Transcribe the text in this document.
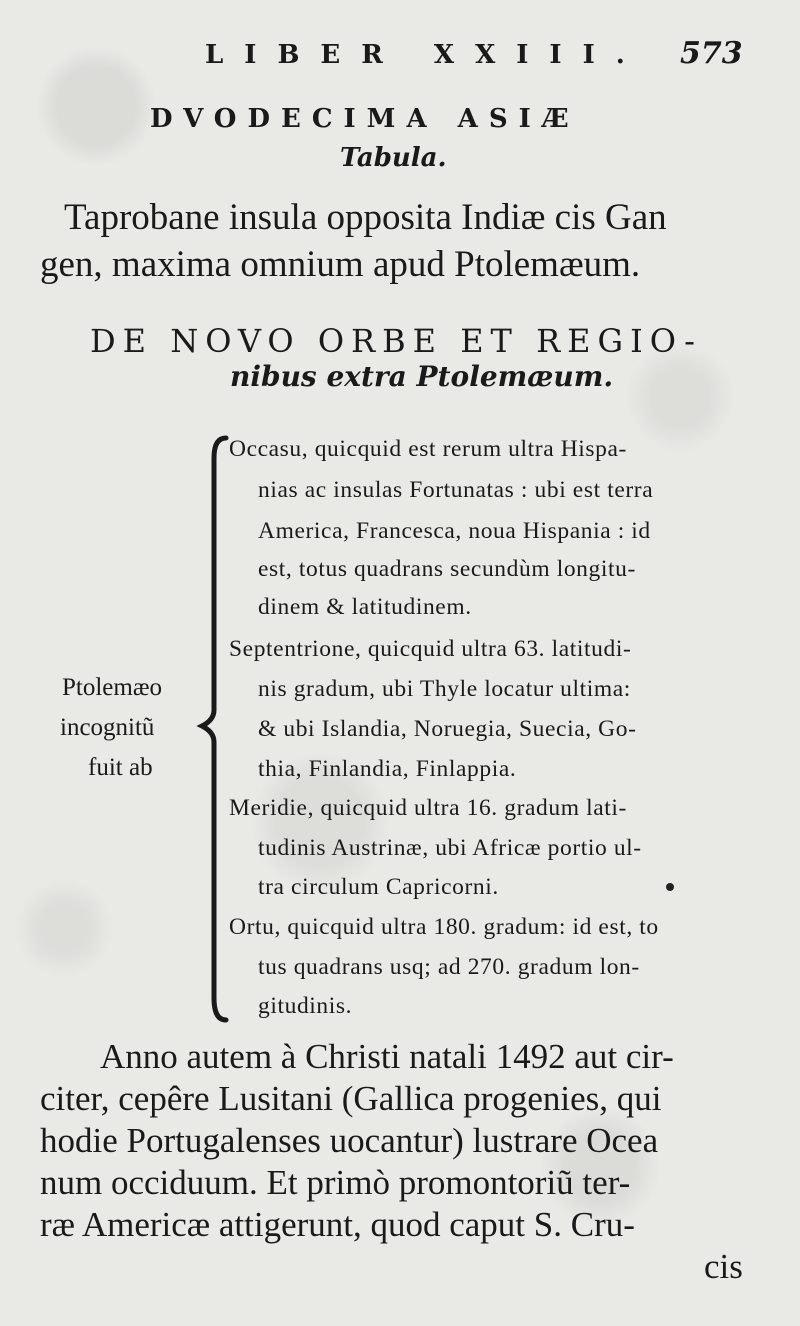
LIBER XXIII. 573
DVODECIMA ASIÆ
Tabula.
Taprobane insula opposita Indiæ cis Gan
gen, maxima omnium apud Ptolemæum.
DE NOVO ORBE ET REGIO-
nibus extra Ptolemæum.
Ptolemæo
incognitũ
fuit ab
Occasu, quicquid est rerum ultra Hispa-
nias ac insulas Fortunatas : ubi est terra
America, Francesca, noua Hispania : id
est, totus quadrans secundùm longitu-
dinem & latitudinem.
Septentrione, quicquid ultra 63. latitudi-
nis gradum, ubi Thyle locatur ultima:
& ubi Islandia, Noruegia, Suecia, Go-
thia, Finlandia, Finlappia.
Meridie, quicquid ultra 16. gradum lati-
tudinis Austrinæ, ubi Africæ portio ul-
tra circulum Capricorni.
Ortu, quicquid ultra 180. gradum: id est, to
tus quadrans usq; ad 270. gradum lon-
gitudinis.
Anno autem à Christi natali 1492 aut cir-
citer, cepêre Lusitani (Gallica progenies, qui
hodie Portugalenses uocantur) lustrare Ocea
num occiduum. Et primò promontoriũ ter-
ræ Americæ attigerunt, quod caput S. Cru-
cis
